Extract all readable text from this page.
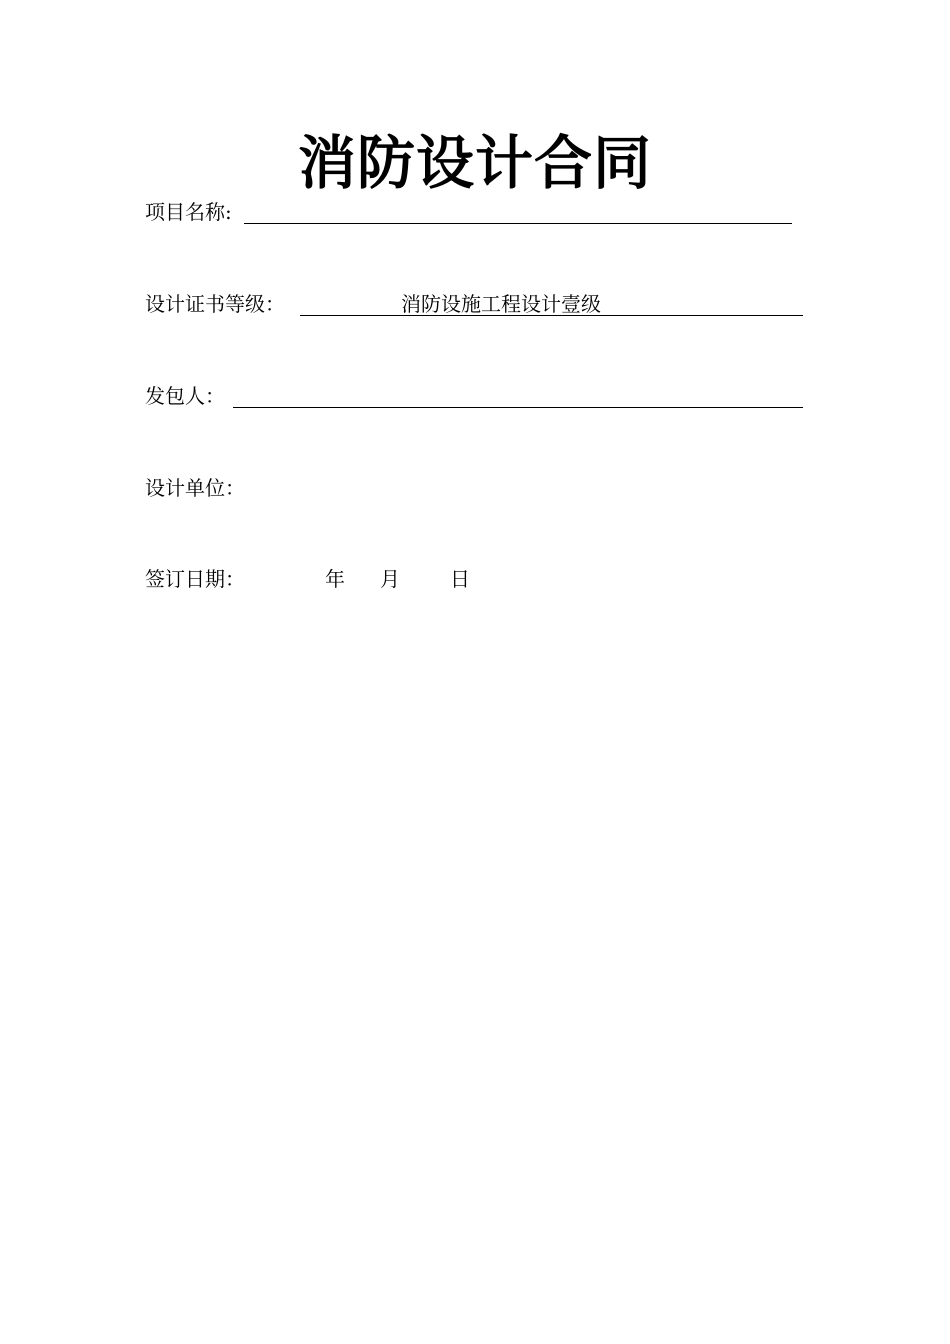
消防设计合同
项目名称:
设计证书等级：	消防设施工程设计壹级
发包人：
设计单位：
签订日期：	年 月	日
